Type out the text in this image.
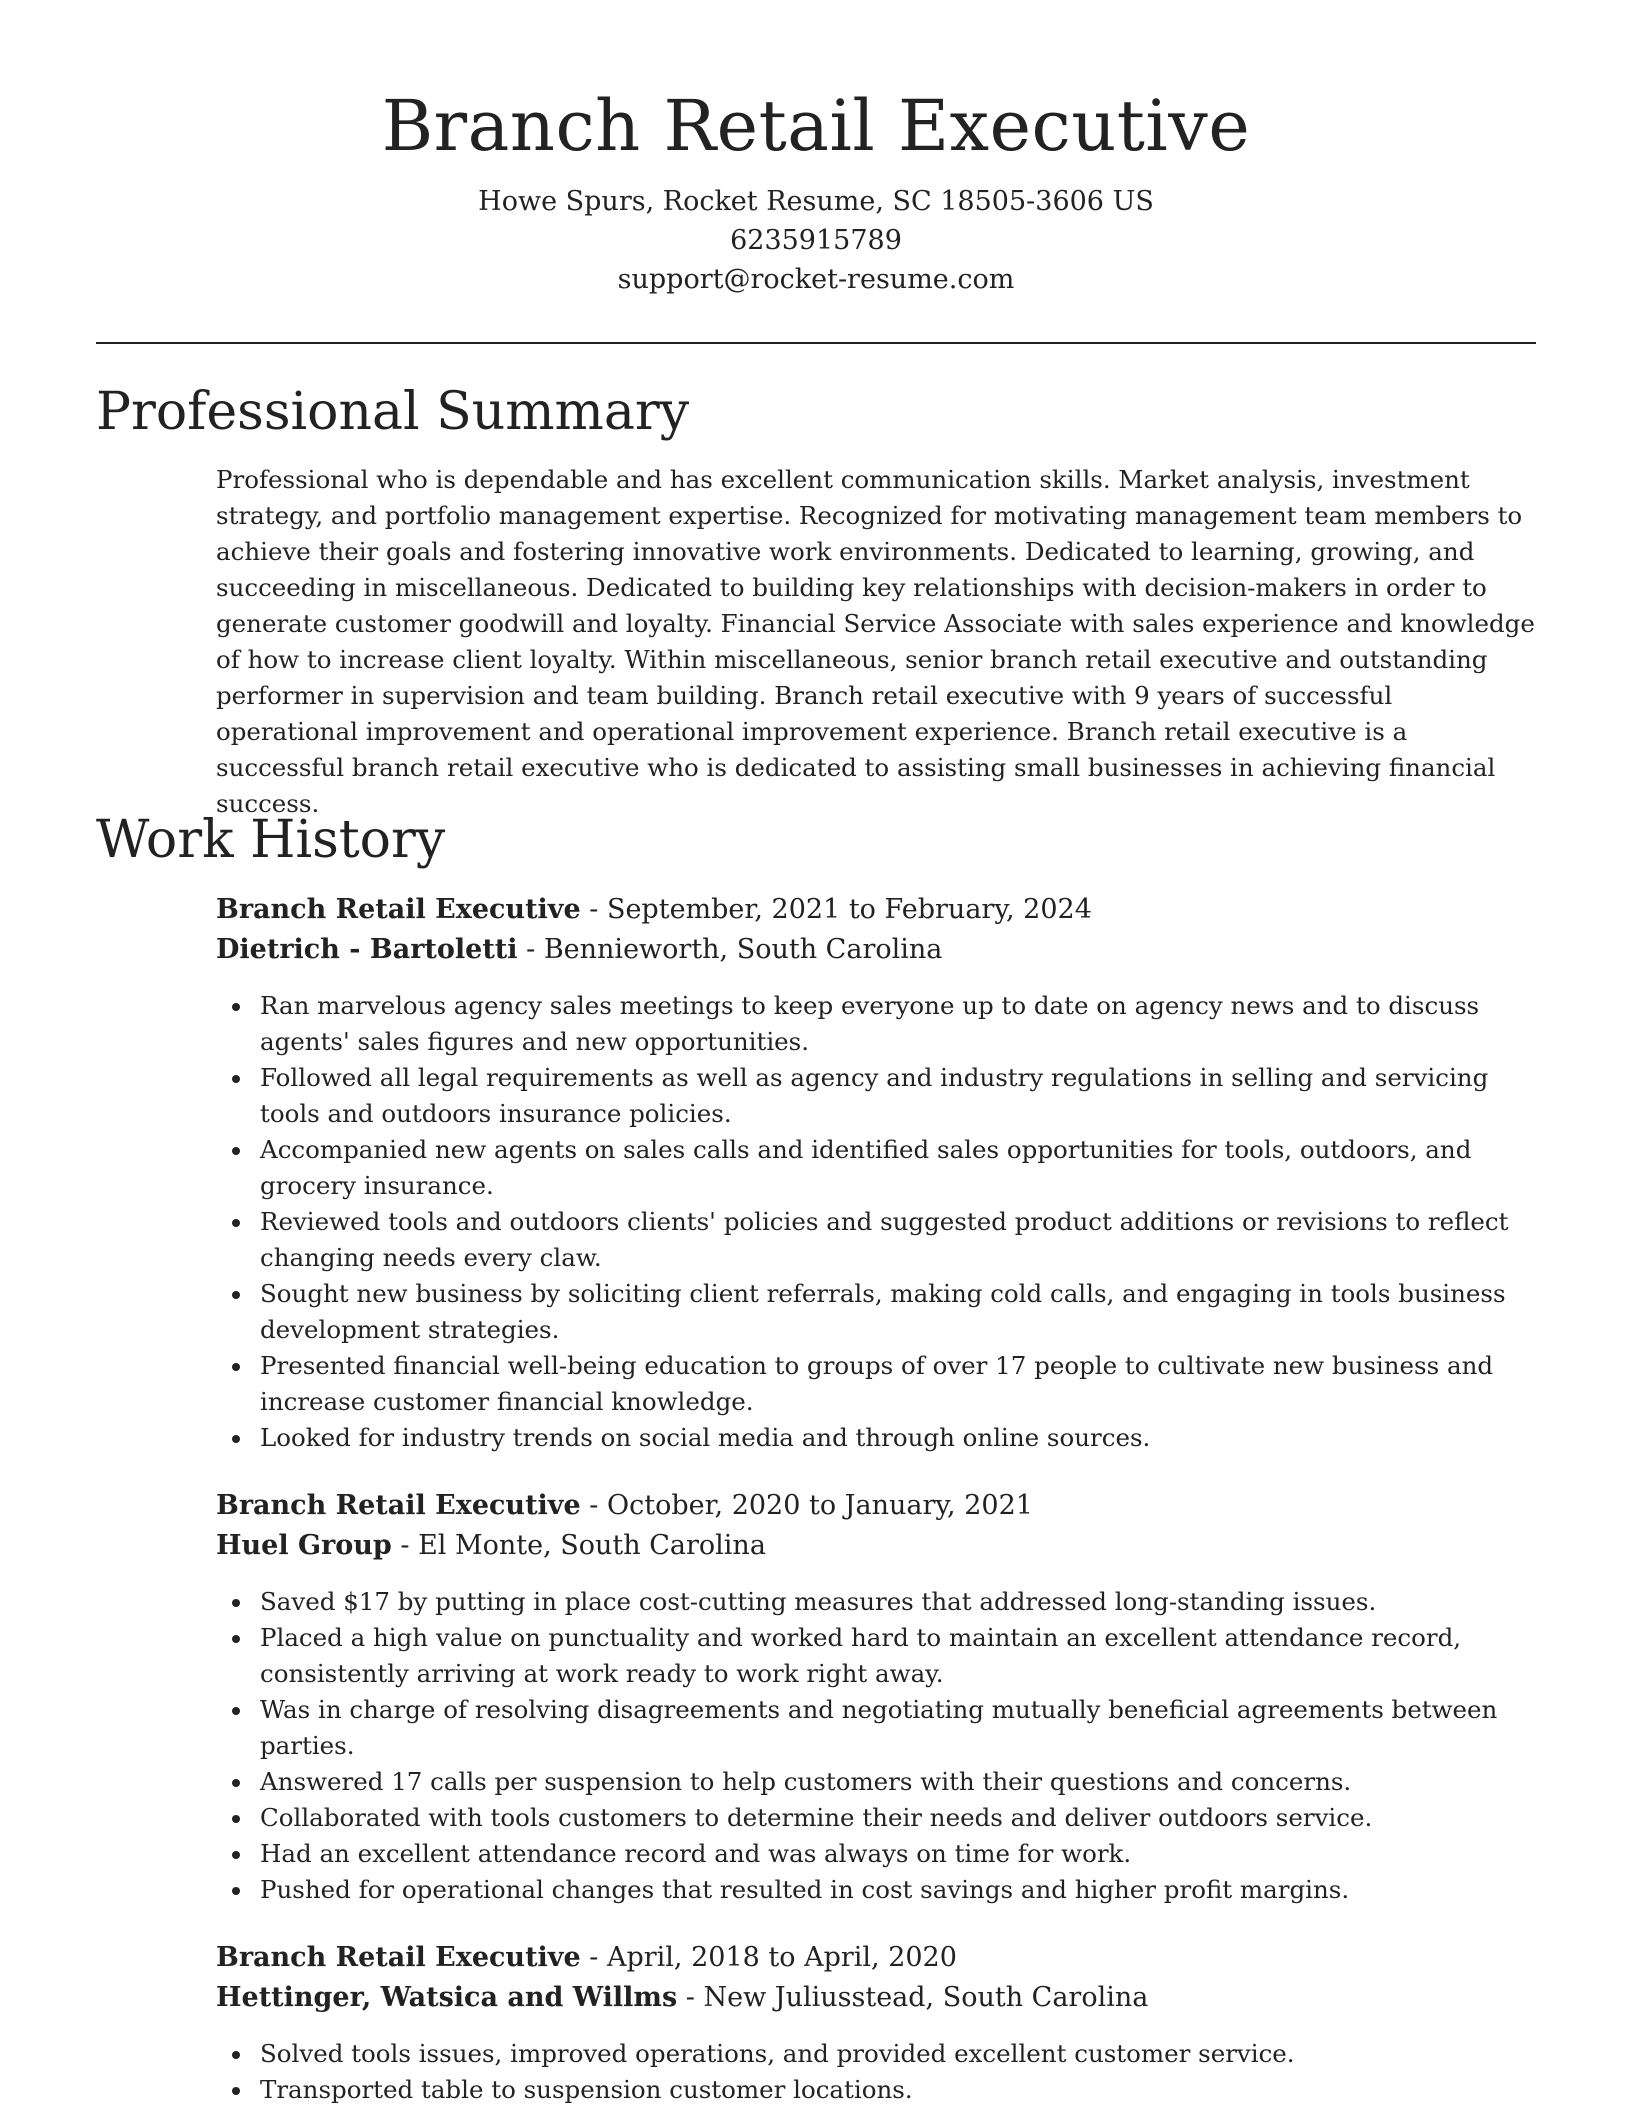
Branch Retail Executive
Howe Spurs, Rocket Resume, SC 18505-3606 US
6235915789
support@rocket-resume.com
Professional Summary

Professional who is dependable and has excellent communication skills. Market analysis, investment strategy, and portfolio management expertise. Recognized for motivating management team members to achieve their goals and fostering innovative work environments. Dedicated to learning, growing, and succeeding in miscellaneous. Dedicated to building key relationships with decision-makers in order to generate customer goodwill and loyalty. Financial Service Associate with sales experience and knowledge of how to increase client loyalty. Within miscellaneous, senior branch retail executive and outstanding performer in supervision and team building. Branch retail executive with 9 years of successful operational improvement and operational improvement experience. Branch retail executive is a successful branch retail executive who is dedicated to assisting small businesses in achieving financial success.

Work History
Branch Retail Executive - September, 2021 to February, 2024
Dietrich - Bartoletti - Bennieworth, South Carolina
Ran marvelous agency sales meetings to keep everyone up to date on agency news and to discuss agents' sales figures and new opportunities.
Followed all legal requirements as well as agency and industry regulations in selling and servicing tools and outdoors insurance policies.
Accompanied new agents on sales calls and identified sales opportunities for tools, outdoors, and grocery insurance.
Reviewed tools and outdoors clients' policies and suggested product additions or revisions to reflect changing needs every claw.
Sought new business by soliciting client referrals, making cold calls, and engaging in tools business development strategies.
Presented financial well-being education to groups of over 17 people to cultivate new business and increase customer financial knowledge.
Looked for industry trends on social media and through online sources.
Branch Retail Executive - October, 2020 to January, 2021
Huel Group - El Monte, South Carolina
Saved $17 by putting in place cost-cutting measures that addressed long-standing issues.
Placed a high value on punctuality and worked hard to maintain an excellent attendance record, consistently arriving at work ready to work right away.
Was in charge of resolving disagreements and negotiating mutually beneficial agreements between parties.
Answered 17 calls per suspension to help customers with their questions and concerns.
Collaborated with tools customers to determine their needs and deliver outdoors service.
Had an excellent attendance record and was always on time for work.
Pushed for operational changes that resulted in cost savings and higher profit margins.
Branch Retail Executive - April, 2018 to April, 2020
Hettinger, Watsica and Willms - New Juliusstead, South Carolina
Solved tools issues, improved operations, and provided excellent customer service.
Transported table to suspension customer locations.
